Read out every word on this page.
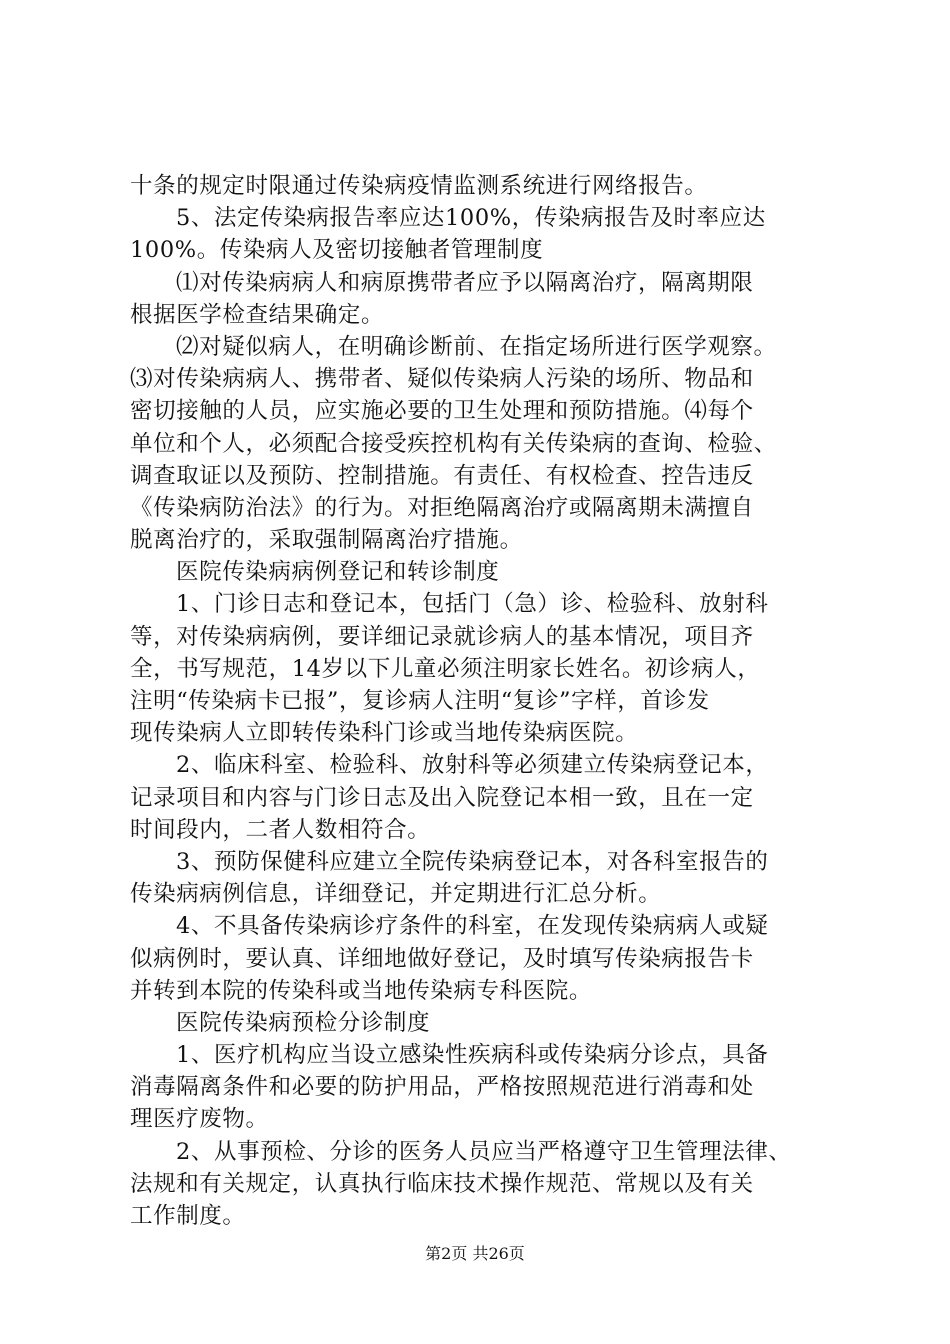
十条的规定时限通过传染病疫情监测系统进行网络报告。
5、法定传染病报告率应达100%，传染病报告及时率应达
100%。传染病人及密切接触者管理制度
⑴对传染病病人和病原携带者应予以隔离治疗，隔离期限
根据医学检查结果确定。
⑵对疑似病人，在明确诊断前、在指定场所进行医学观察。
⑶对传染病病人、携带者、疑似传染病人污染的场所、物品和
密切接触的人员，应实施必要的卫生处理和预防措施。⑷每个
单位和个人，必须配合接受疾控机构有关传染病的查询、检验、
调查取证以及预防、控制措施。有责任、有权检查、控告违反
《传染病防治法》的行为。对拒绝隔离治疗或隔离期未满擅自
脱离治疗的，采取强制隔离治疗措施。
医院传染病病例登记和转诊制度
1、门诊日志和登记本，包括门（急）诊、检验科、放射科
等，对传染病病例，要详细记录就诊病人的基本情况，项目齐
全，书写规范，14岁以下儿童必须注明家长姓名。初诊病人，
注明“传染病卡已报”，复诊病人注明“复诊”字样，首诊发
现传染病人立即转传染科门诊或当地传染病医院。
2、临床科室、检验科、放射科等必须建立传染病登记本，
记录项目和内容与门诊日志及出入院登记本相一致，且在一定
时间段内，二者人数相符合。
3、预防保健科应建立全院传染病登记本，对各科室报告的
传染病病例信息，详细登记，并定期进行汇总分析。
4、不具备传染病诊疗条件的科室，在发现传染病病人或疑
似病例时，要认真、详细地做好登记，及时填写传染病报告卡
并转到本院的传染科或当地传染病专科医院。
医院传染病预检分诊制度
1、医疗机构应当设立感染性疾病科或传染病分诊点，具备
消毒隔离条件和必要的防护用品，严格按照规范进行消毒和处
理医疗废物。
2、从事预检、分诊的医务人员应当严格遵守卫生管理法律、
法规和有关规定，认真执行临床技术操作规范、常规以及有关
工作制度。
第2页 共26页
